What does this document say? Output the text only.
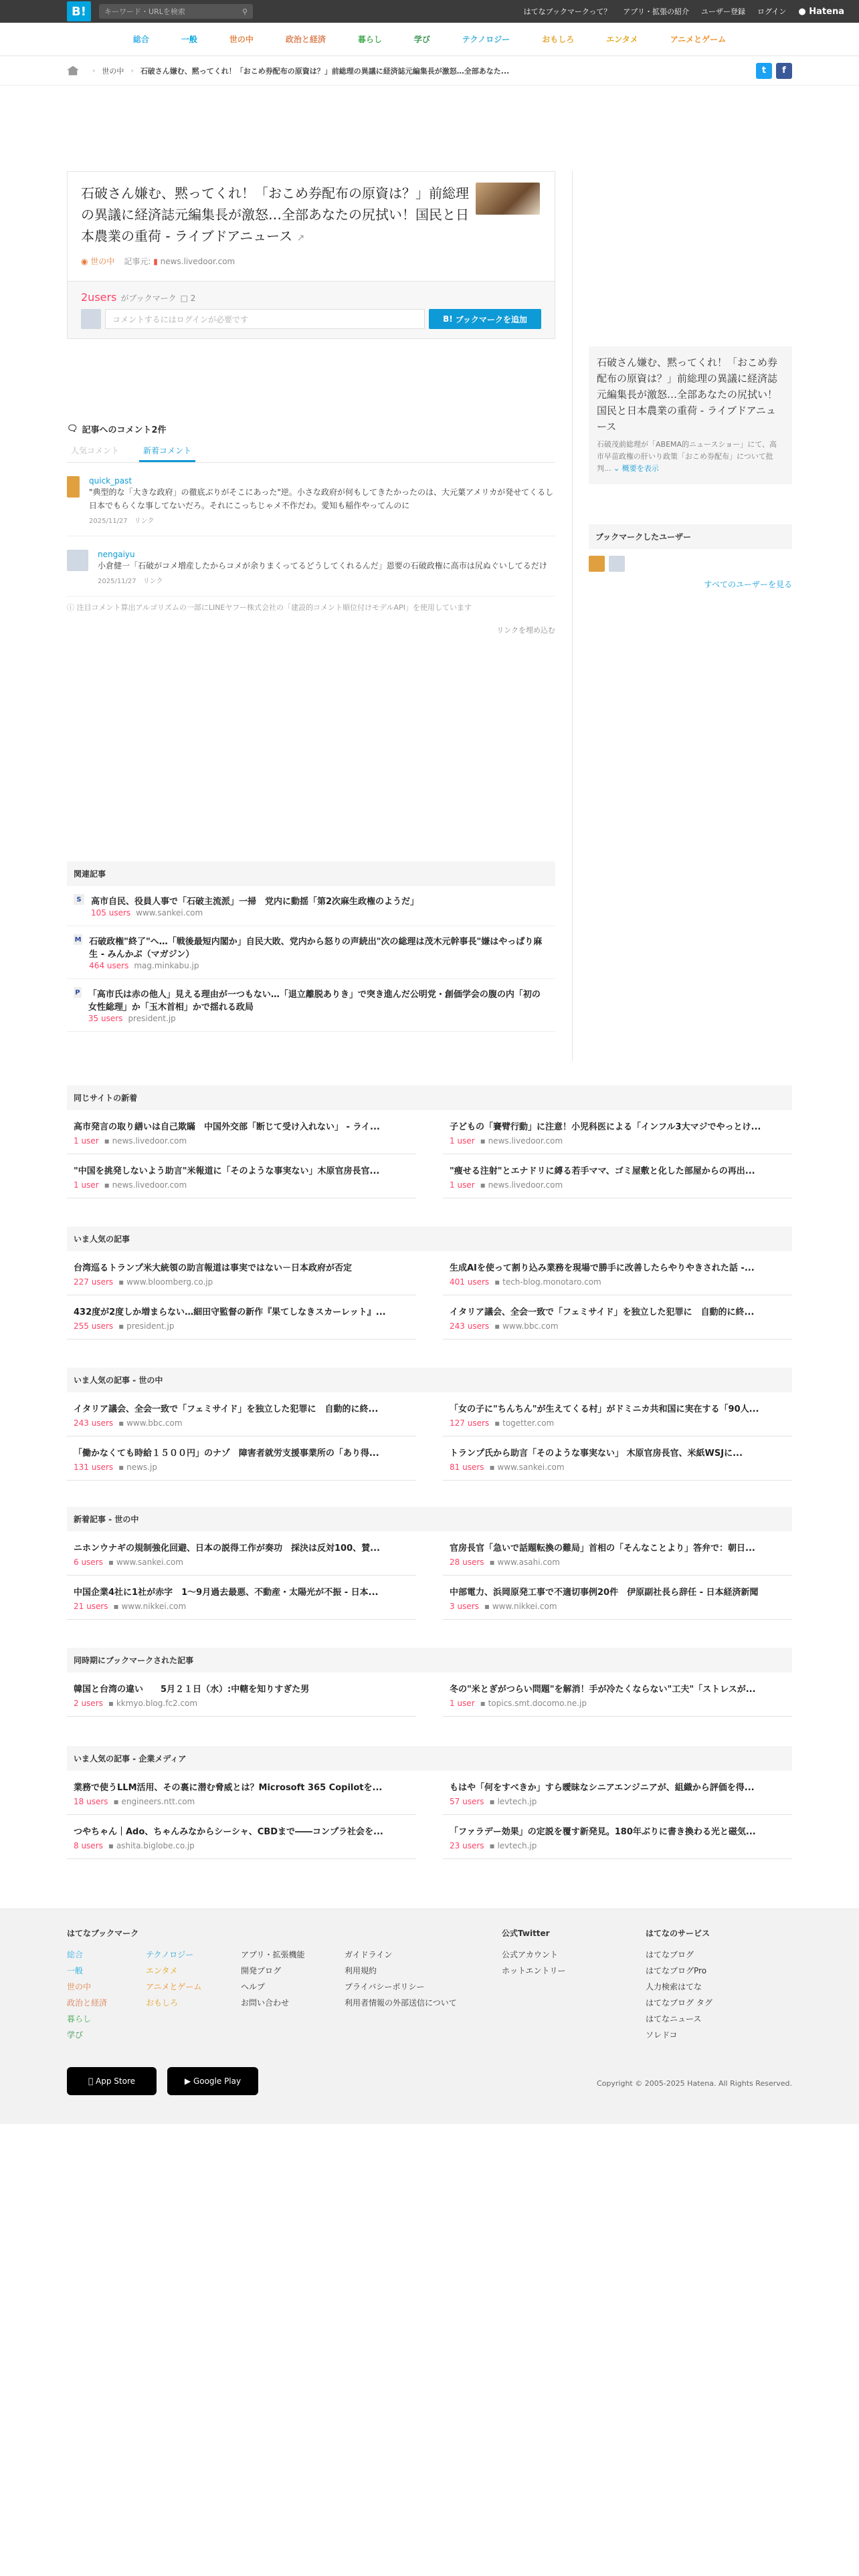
B!	キーワード・URLを検索	⚲	はてなブックマークって？ アプリ・拡張の紹介 ユーザー登録 ログイン ● Hatena
総合	一般	世の中	政治と経済	暮らし	学び	テクノロジー	おもしろ	エンタメ	アニメとゲーム
› 世の中 › 石破さん嫌む、黙ってくれ！「おこめ券配布の原資は？」前総理の異議に経済誌元編集長が激怒…全部あなた...	t	f
石破さん嫌む、黙ってくれ！「おこめ券配布の原資は？」前総理の異議に経済誌元編集長が激怒…全部あなたの尻拭い！国民と日本農業の重荷 - ライブドアニュース ↗
◉ 世の中 記事元: ▮ news.livedoor.com
2users がブックマーク □ 2
コメントするにはログインが必要です	B! ブックマークを追加
石破さん嫌む、黙ってくれ！「おこめ券配布の原資は？」前総理の異議に経済誌元編集長が激怒…全部あなたの尻拭い！国民と日本農業の重荷 - ライブドアニュース
石破茂前総理が「ABEMA的ニュースショー」にて、高市早苗政権の肝いり政策「おこめ券配布」について批判... ⌄ 概要を表示
ブックマークしたユーザー
すべてのユーザーを見る
🗨 記事へのコメント2件
人気コメント	新着コメント
quick_past
"典型的な「大きな政府」の徹底ぶりがそこにあった"逆。小さな政府が何もしてきたかったのは、大元葉アメリカが発せてくるし日本でもらくな事してないだろ。それにこっちじゃメ不作だわ。愛知も稲作やってんのに
2025/11/27 リンク
nengaiyu
小倉健一「石破がコメ増産したからコメが余りまくってるどうしてくれるんだ」恩要の石破政権に高市は尻ぬぐいしてるだけ
2025/11/27 リンク
ⓘ 注目コメント算出アルゴリズムの一部にLINEヤフー株式会社の「建設的コメント順位付けモデルAPI」を使用しています
リンクを埋め込む
関連記事
S	高市自民、役員人事で「石破主流派」一掃　党内に動揺「第2次麻生政権のようだ」
105 users www.sankei.com
M 石破政権"終了"へ…「戦後最短内閣か」自民大敗、党内から怒りの声続出"次の総理は茂木元幹事長"嫌はやっぱり麻生 - みんかぶ（マガジン）
464 users mag.minkabu.jp
P 「高市氏は赤の他人」見える理由が一つもない…「退立離脱ありき」で突き進んだ公明党・創価学会の腹の内「初の女性総理」か「玉木首相」かで揺れる政局
35 users president.jp
同じサイトの新着
高市発言の取り繕いは自己欺瞞　中国外交部「断じて受け入れない」 - ライ...
1 user ▪ news.livedoor.com
子どもの「賽臂行動」に注意！小児科医による「インフル3大マジでやっとけ...
1 user ▪ news.livedoor.com
"中国を挑発しないよう助言"米報道に「そのような事実ない」木原官房長官...
1 user ▪ news.livedoor.com
"痩せる注射"とエナドリに縛る若手ママ、ゴミ屋敷と化した部屋からの再出...
1 user ▪ news.livedoor.com
いま人気の記事
台湾巡るトランプ米大統領の助言報道は事実ではない－日本政府が否定
227 users ▪ www.bloomberg.co.jp
生成AIを使って割り込み業務を現場で勝手に改善したらやりやきされた話 -...
401 users ▪ tech-blog.monotaro.com
432度が2度しか増まらない…細田守監督の新作『果てしなきスカーレット』...
255 users ▪ president.jp
イタリア議会、全会一致で「フェミサイド」を独立した犯罪に　自動的に終...
243 users ▪ www.bbc.com
いま人気の記事 - 世の中
イタリア議会、全会一致で「フェミサイド」を独立した犯罪に　自動的に終...
243 users ▪ www.bbc.com
「女の子に"ちんちん"が生えてくる村」がドミニカ共和国に実在する「90人...
127 users ▪ togetter.com
「働かなくても時給１５００円」のナゾ　障害者就労支援事業所の「あり得...
131 users ▪ news.jp
トランプ氏から助言「そのような事実ない」 木原官房長官、米紙WSJに...
81 users ▪ www.sankei.com
新着記事 - 世の中
ニホンウナギの規制強化回避、日本の説得工作が奏功　採決は反対100、賛...
6 users ▪ www.sankei.com
官房長官「急いで話題転換の難局」首相の「そんなことより」答弁で：朝日...
28 users ▪ www.asahi.com
中国企業4社に1社が赤字　1〜9月過去最悪、不動産・太陽光が不振 - 日本...
21 users ▪ www.nikkei.com
中部電力、浜岡原発工事で不適切事例20件　伊原副社長ら辞任 - 日本経済新聞
3 users ▪ www.nikkei.com
同時期にブックマークされた記事
韓国と台湾の違い　　5月２１日（水）:中轄を知りすぎた男
2 users ▪ kkmyo.blog.fc2.com
冬の"米とぎがつらい問題"を解消！手が冷たくならない"工夫"「ストレスが...
1 user ▪ topics.smt.docomo.ne.jp
いま人気の記事 - 企業メディア
業務で使うLLM活用、その裏に潜む脅威とは？Microsoft 365 Copilotを...
18 users ▪ engineers.ntt.com
もはや「何をすべきか」すら曖昧なシニアエンジニアが、組織から評価を得...
57 users ▪ levtech.jp
つやちゃん｜Ado、ちゃんみなからシーシャ、CBDまで――コンプラ社会を...
8 users ▪ ashita.biglobe.co.jp
「ファラデー効果」の定説を覆す新発見。180年ぶりに書き換わる光と磁気...
23 users ▪ levtech.jp
はてなブックマーク
総合
一般
世の中
政治と経済
暮らし
学び
テクノロジー
エンタメ
アニメとゲーム
おもしろ
アプリ・拡張機能
開発ブログ
ヘルプ
お問い合わせ
ガイドライン
利用規約
プライバシーポリシー
利用者情報の外部送信について
公式Twitter
公式アカウント
ホットエントリー
はてなのサービス
はてなブログ
はてなブログPro
人力検索はてな
はてなブログ タグ
はてなニュース
ソレドコ
App Store	▶ Google Play	Copyright © 2005-2025 Hatena. All Rights Reserved.
